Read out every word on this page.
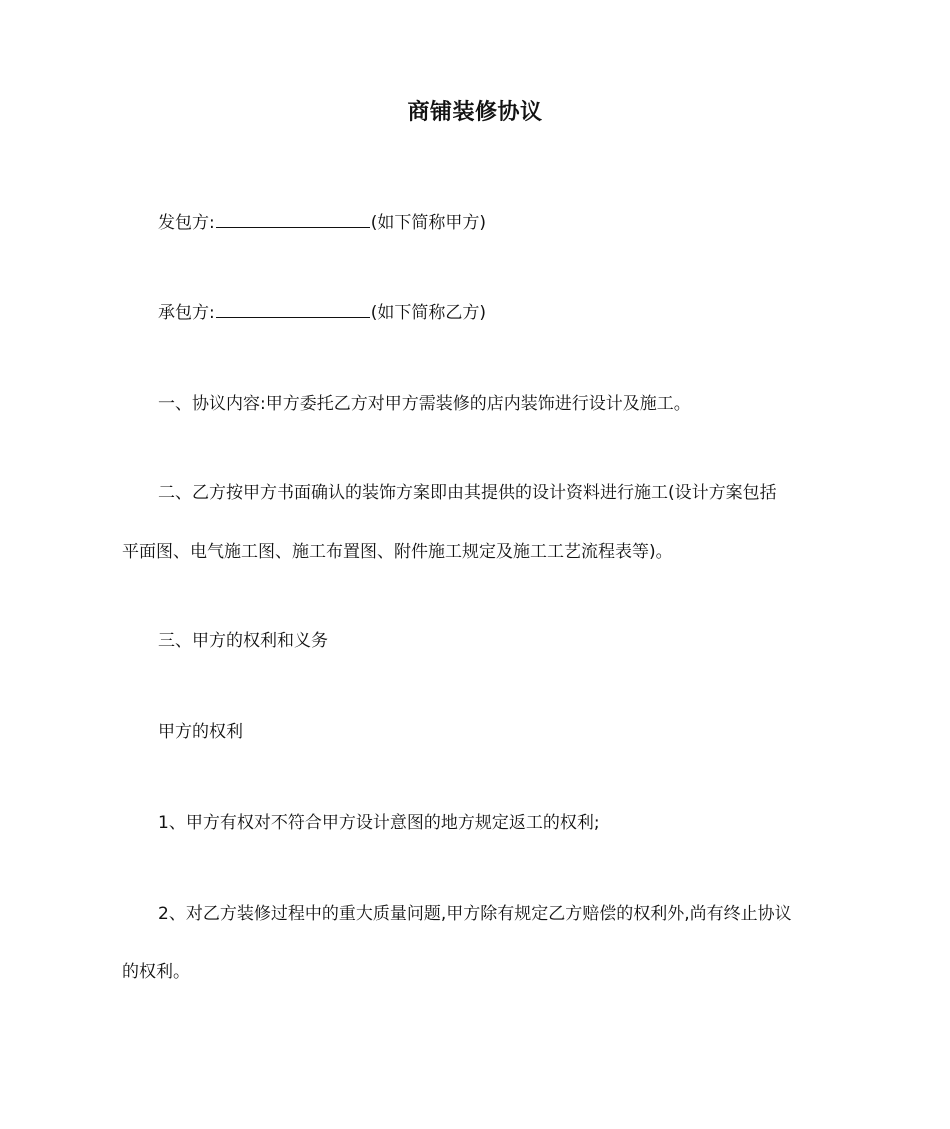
商铺装修协议
发包方:	(如下简称甲方)
承包方:	(如下简称乙方)
一、协议内容:甲方委托乙方对甲方需装修的店内装饰进行设计及施工。
二、乙方按甲方书面确认的装饰方案即由其提供的设计资料进行施工(设计方案包括
平面图、电气施工图、施工布置图、附件施工规定及施工工艺流程表等)。
三、甲方的权利和义务
甲方的权利
1、甲方有权对不符合甲方设计意图的地方规定返工的权利;
2、对乙方装修过程中的重大质量问题,甲方除有规定乙方赔偿的权利外,尚有终止协议
的权利。
